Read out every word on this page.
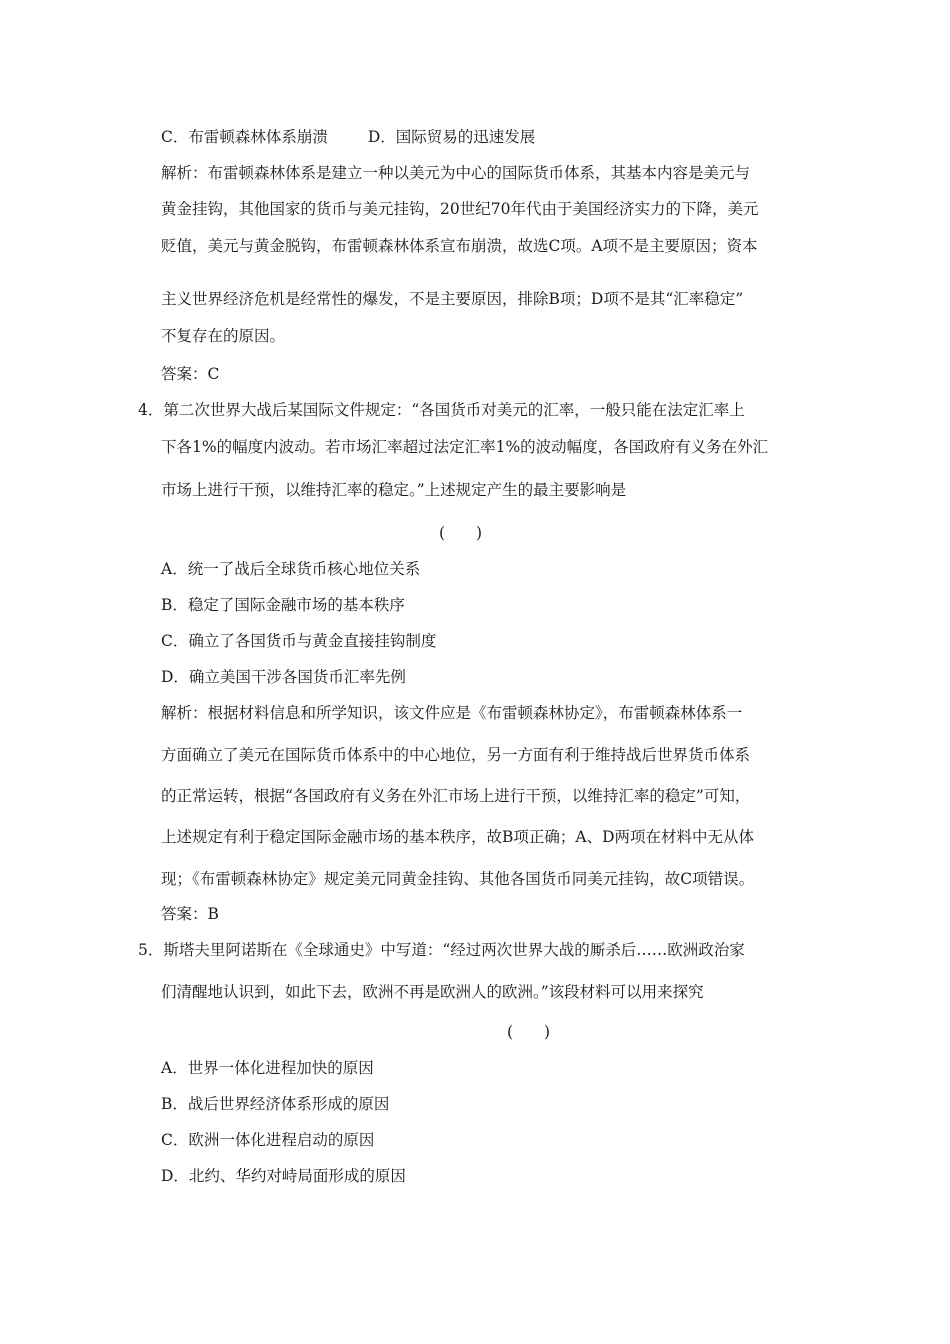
C．布雷顿森林体系崩溃	D．国际贸易的迅速发展
解析：布雷顿森林体系是建立一种以美元为中心的国际货币体系，其基本内容是美元与
黄金挂钩，其他国家的货币与美元挂钩，20世纪70年代由于美国经济实力的下降，美元
贬值，美元与黄金脱钩，布雷顿森林体系宣布崩溃，故选C项。A项不是主要原因；资本
主义世界经济危机是经常性的爆发，不是主要原因，排除B项；D项不是其“汇率稳定”
不复存在的原因。
答案：C
4．第二次世界大战后某国际文件规定：“各国货币对美元的汇率，一般只能在法定汇率上
下各1%的幅度内波动。若市场汇率超过法定汇率1%的波动幅度，各国政府有义务在外汇
市场上进行干预，以维持汇率的稳定。”上述规定产生的最主要影响是
(　　)
A．统一了战后全球货币核心地位关系
B．稳定了国际金融市场的基本秩序
C．确立了各国货币与黄金直接挂钩制度
D．确立美国干涉各国货币汇率先例
解析：根据材料信息和所学知识，该文件应是《布雷顿森林协定》，布雷顿森林体系一
方面确立了美元在国际货币体系中的中心地位，另一方面有利于维持战后世界货币体系
的正常运转，根据“各国政府有义务在外汇市场上进行干预，以维持汇率的稳定”可知，
上述规定有利于稳定国际金融市场的基本秩序，故B项正确；A、D两项在材料中无从体
现；《布雷顿森林协定》规定美元同黄金挂钩、其他各国货币同美元挂钩，故C项错误。
答案：B
5．斯塔夫里阿诺斯在《全球通史》中写道：“经过两次世界大战的厮杀后……欧洲政治家
们清醒地认识到，如此下去，欧洲不再是欧洲人的欧洲。”该段材料可以用来探究
(　　)
A．世界一体化进程加快的原因
B．战后世界经济体系形成的原因
C．欧洲一体化进程启动的原因
D．北约、华约对峙局面形成的原因
